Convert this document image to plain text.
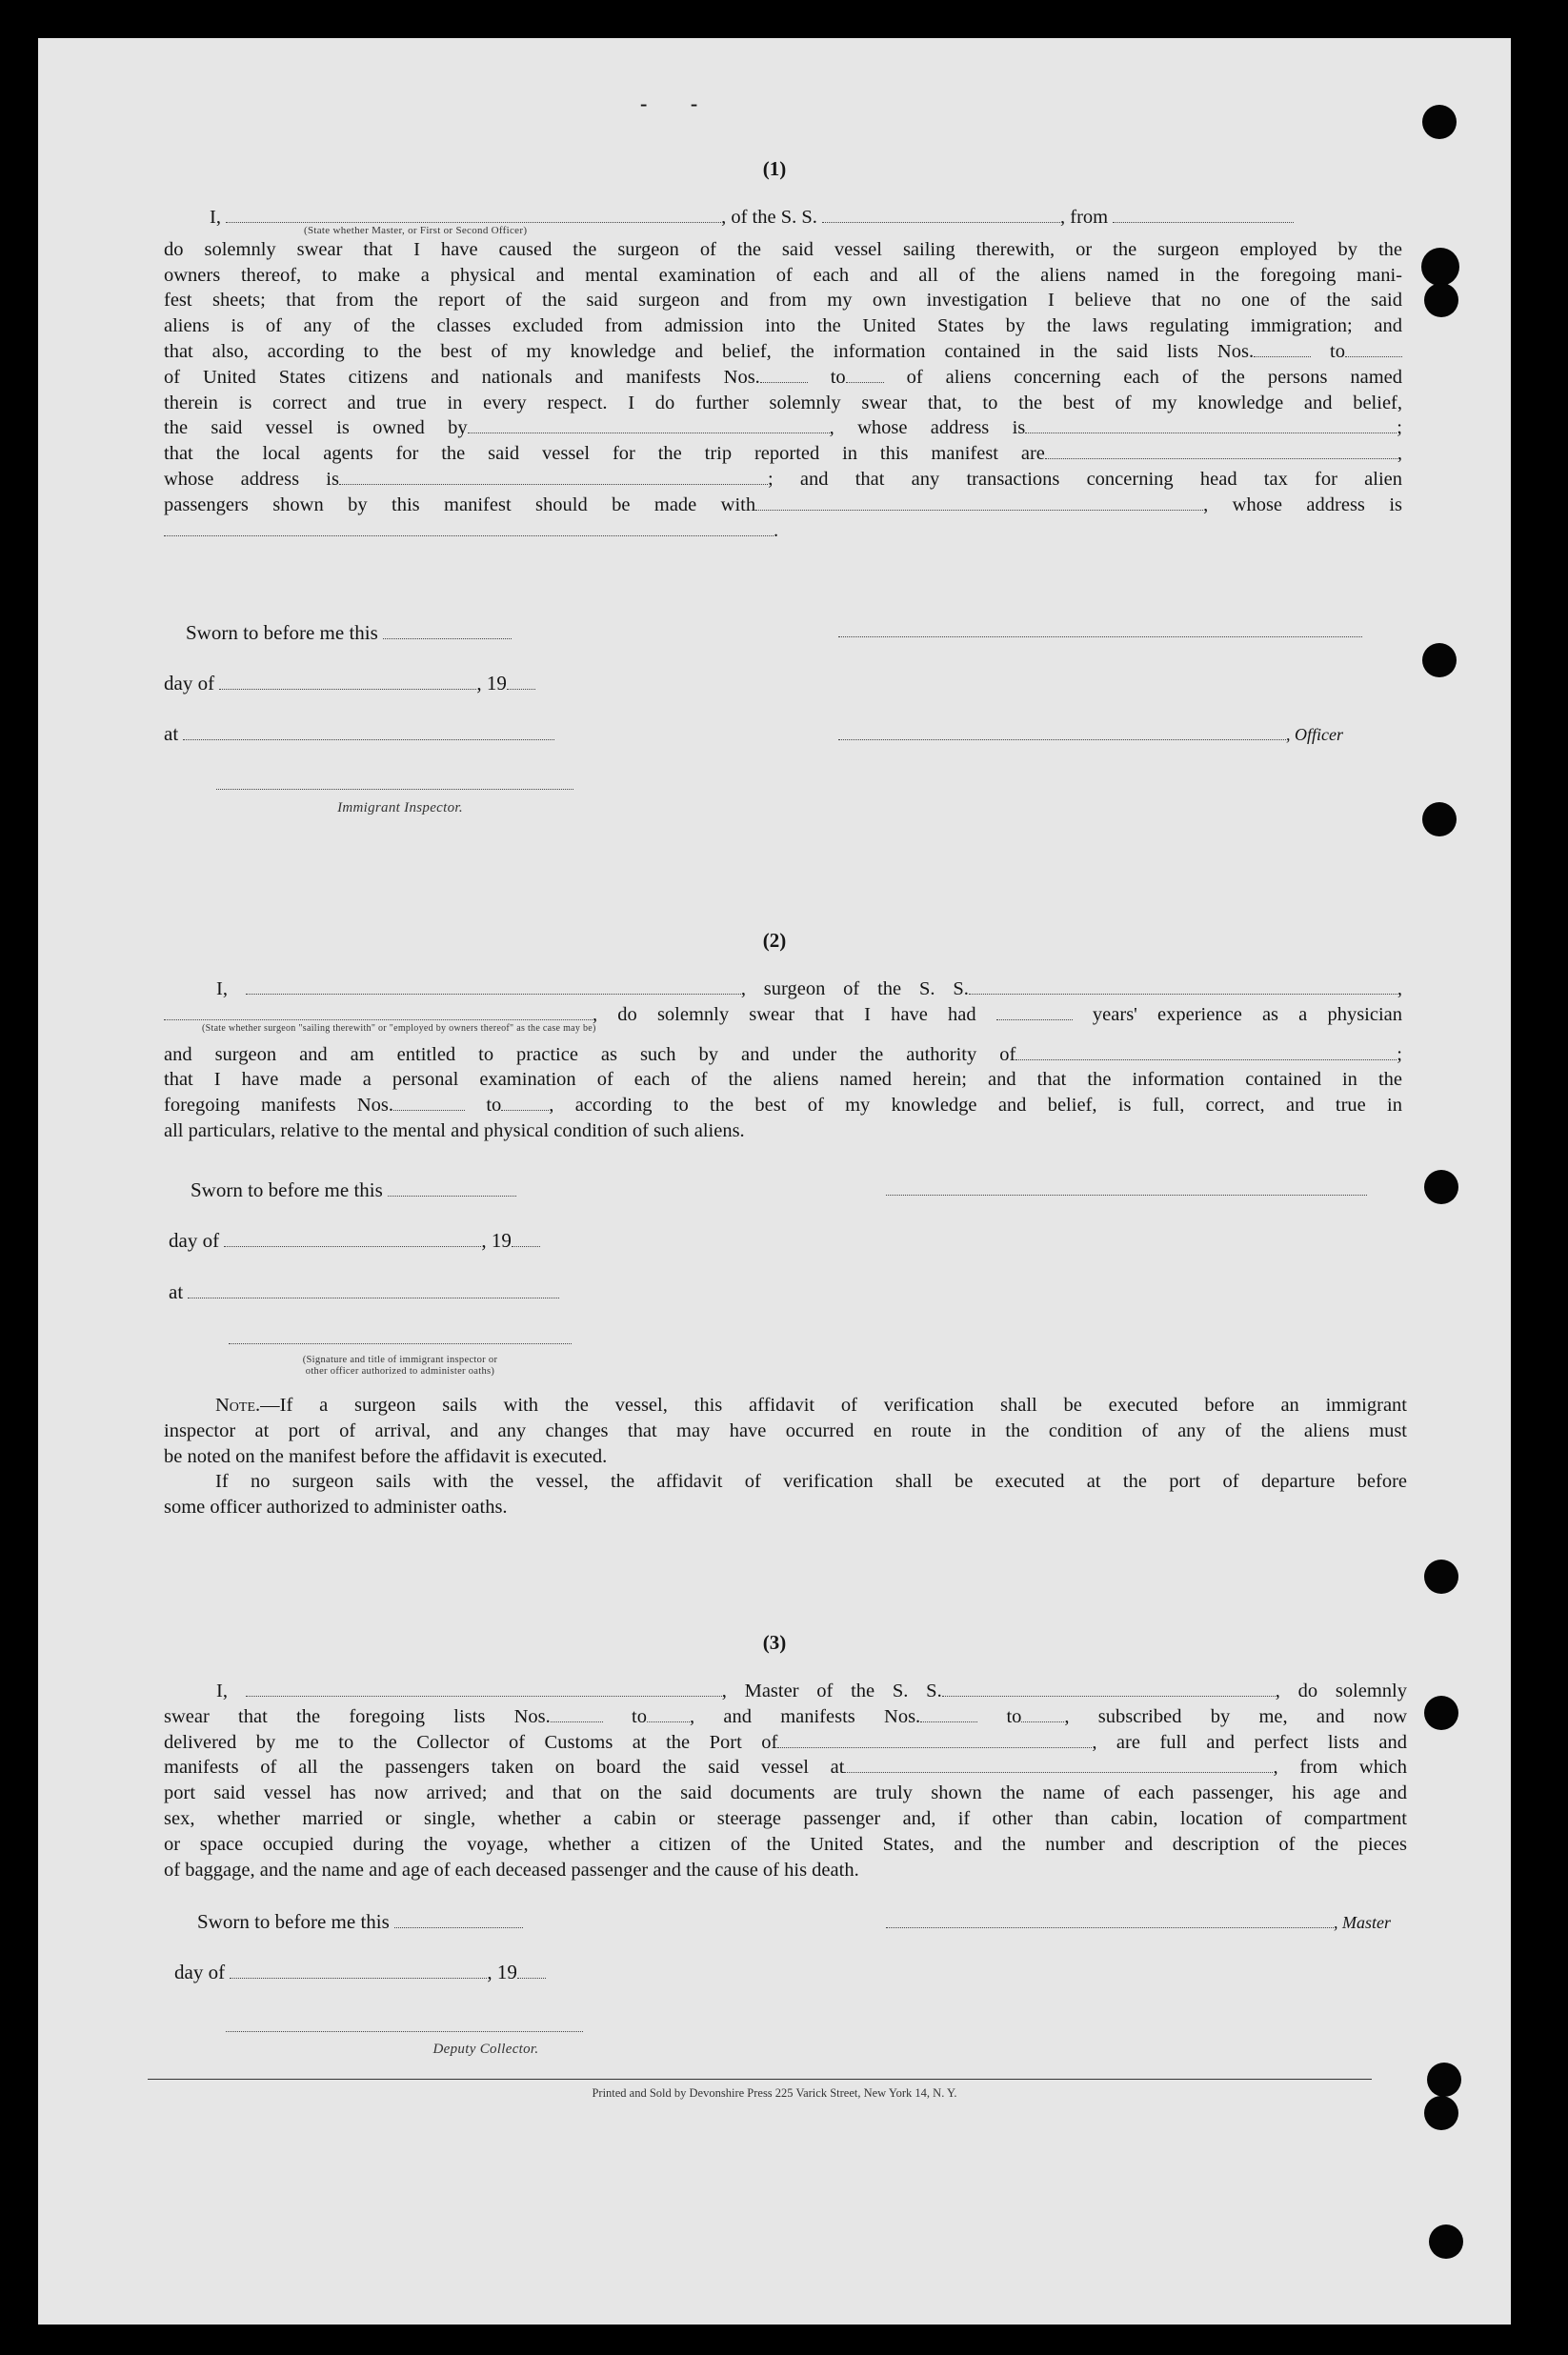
- -
(1)
I,	, of the S. S.	, from
(State whether Master, or First or Second Officer)
do solemnly swear that I have caused the surgeon of the said vessel sailing therewith, or the surgeon employed by the
owners thereof, to make a physical and mental examination of each and all of the aliens named in the foregoing mani-
fest sheets; that from the report of the said surgeon and from my own investigation I believe that no one of the said
aliens is of any of the classes excluded from admission into the United States by the laws regulating immigration; and
that also, according to the best of my knowledge and belief, the information contained in the said lists Nos.	to
of United States citizens and nationals and manifests Nos.	to	of aliens concerning each of the persons named
therein is correct and true in every respect. I do further solemnly swear that, to the best of my knowledge and belief,
the said vessel is owned by	, whose address is	;
that the local agents for the said vessel for the trip reported in this manifest are	,
whose address is	; and that any transactions concerning head tax for alien
passengers shown by this manifest should be made with	, whose address is
.
Sworn to before me this
day of	, 19
at	, Officer
Immigrant Inspector.
(2)
I,	, surgeon of the S. S.	,
, do solemnly swear that I have had	years' experience as a physician
(State whether surgeon "sailing therewith" or "employed by owners thereof" as the case may be)
and surgeon and am entitled to practice as such by and under the authority of	;
that I have made a personal examination of each of the aliens named herein; and that the information contained in the
foregoing manifests Nos.	to , according to the best of my knowledge and belief, is full, correct, and true in
all particulars, relative to the mental and physical condition of such aliens.
Sworn to before me this
day of	, 19
at
(Signature and title of immigrant inspector or
other officer authorized to administer oaths)
Note.—If a surgeon sails with the vessel, this affidavit of verification shall be executed before an immigrant
inspector at port of arrival, and any changes that may have occurred en route in the condition of any of the aliens must
be noted on the manifest before the affidavit is executed.
If no surgeon sails with the vessel, the affidavit of verification shall be executed at the port of departure before
some officer authorized to administer oaths.
(3)
I,	, Master of the S. S.	, do solemnly
swear that the foregoing lists Nos.	to , and manifests Nos.	to , subscribed by me, and now
delivered by me to the Collector of Customs at the Port of	, are full and perfect lists and
manifests of all the passengers taken on board the said vessel at	, from which
port said vessel has now arrived; and that on the said documents are truly shown the name of each passenger, his age and
sex, whether married or single, whether a cabin or steerage passenger and, if other than cabin, location of compartment
or space occupied during the voyage, whether a citizen of the United States, and the number and description of the pieces
of baggage, and the name and age of each deceased passenger and the cause of his death.
Sworn to before me this	, Master
day of	, 19
Deputy Collector.
Printed and Sold by Devonshire Press 225 Varick Street, New York 14, N. Y.
